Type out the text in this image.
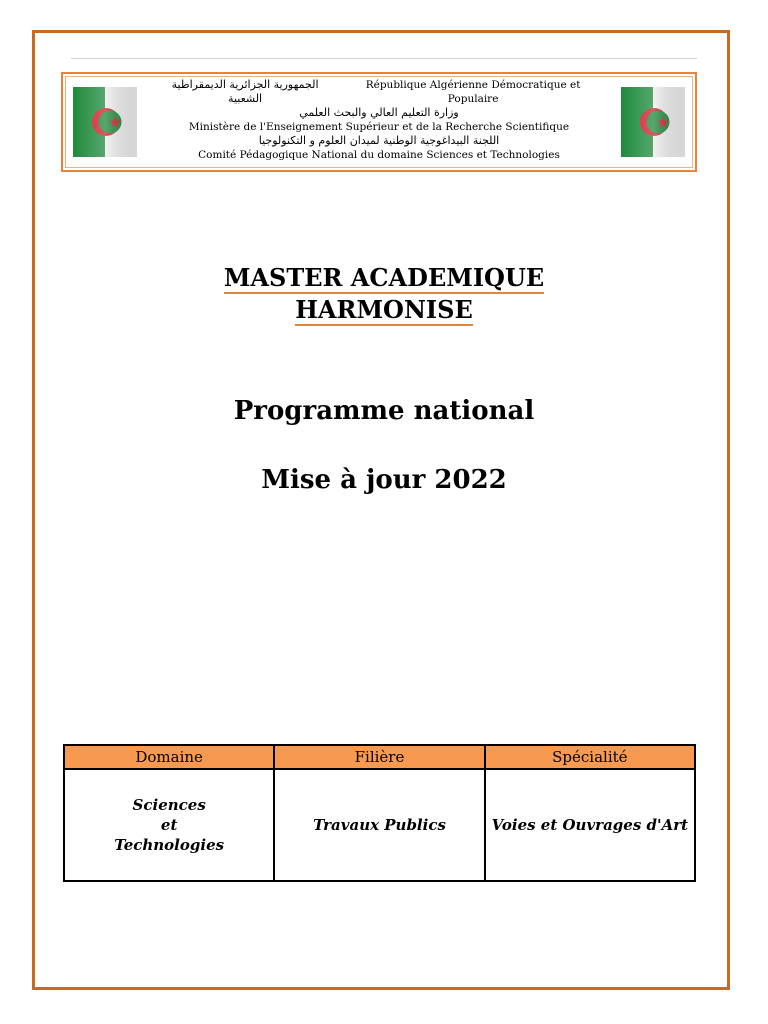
الجمهورية الجزائرية الديمقراطية الشعبية
République Algérienne Démocratique et Populaire
وزارة التعليم العالي والبحث العلمي
Ministère de l'Enseignement Supérieur et de la Recherche Scientifique
اللجنة البيداغوجية الوطنية لميدان العلوم و التكنولوجيا
Comité Pédagogique National du domaine Sciences et Technologies
MASTER ACADEMIQUE
HARMONISE
Programme national
Mise à jour 2022
Domaine	Filière	Spécialité

Sciences
et
Technologies	Travaux Publics	Voies et Ouvrages d'Art
